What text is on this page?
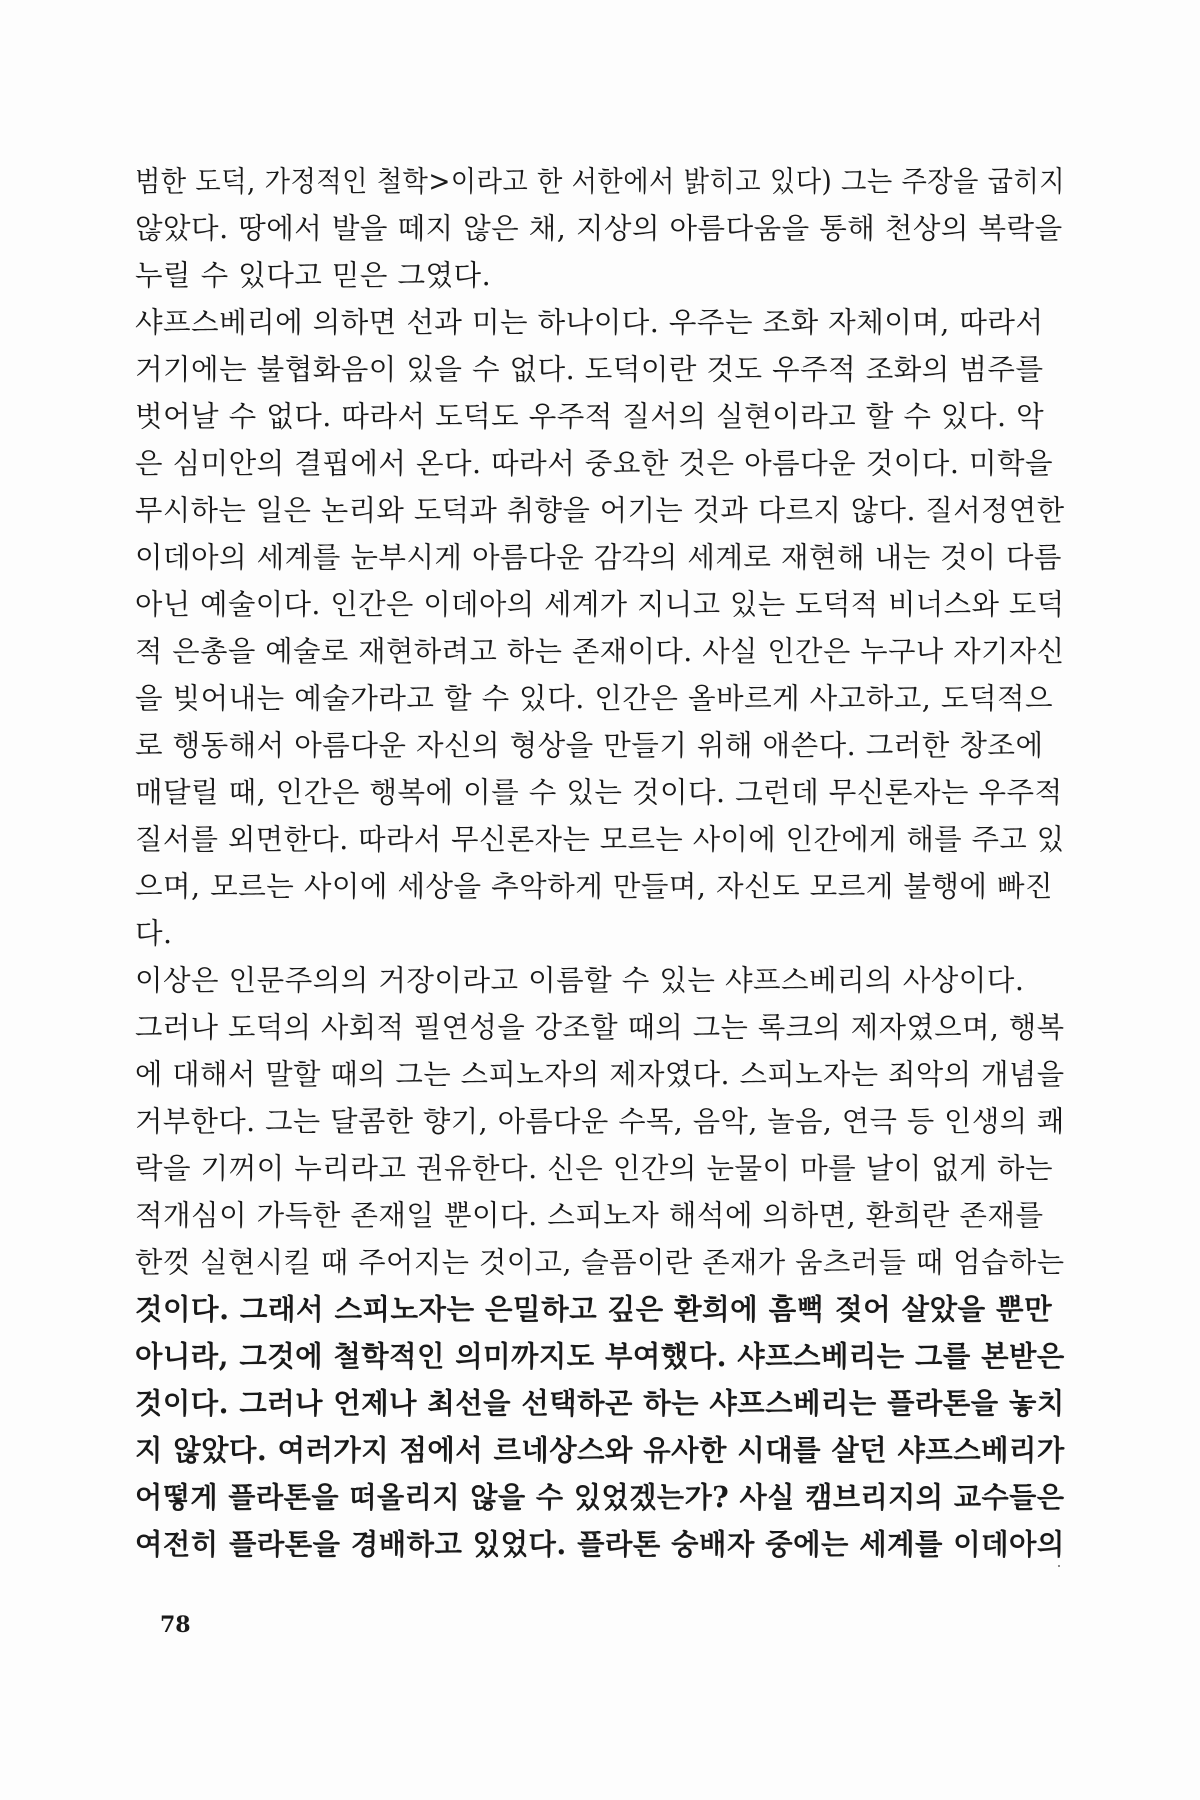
범한 도덕, 가정적인 철학>이라고 한 서한에서 밝히고 있다) 그는 주장을 굽히지
않았다. 땅에서 발을 떼지 않은 채, 지상의 아름다움을 통해 천상의 복락을
누릴 수 있다고 믿은 그였다.
샤프스베리에 의하면 선과 미는 하나이다. 우주는 조화 자체이며, 따라서
거기에는 불협화음이 있을 수 없다. 도덕이란 것도 우주적 조화의 범주를
벗어날 수 없다. 따라서 도덕도 우주적 질서의 실현이라고 할 수 있다. 악
은 심미안의 결핍에서 온다. 따라서 중요한 것은 아름다운 것이다. 미학을
무시하는 일은 논리와 도덕과 취향을 어기는 것과 다르지 않다. 질서정연한
이데아의 세계를 눈부시게 아름다운 감각의 세계로 재현해 내는 것이 다름
아닌 예술이다. 인간은 이데아의 세계가 지니고 있는 도덕적 비너스와 도덕
적 은총을 예술로 재현하려고 하는 존재이다. 사실 인간은 누구나 자기자신
을 빚어내는 예술가라고 할 수 있다. 인간은 올바르게 사고하고, 도덕적으
로 행동해서 아름다운 자신의 형상을 만들기 위해 애쓴다. 그러한 창조에
매달릴 때, 인간은 행복에 이를 수 있는 것이다. 그런데 무신론자는 우주적
질서를 외면한다. 따라서 무신론자는 모르는 사이에 인간에게 해를 주고 있
으며, 모르는 사이에 세상을 추악하게 만들며, 자신도 모르게 불행에 빠진
다.
이상은 인문주의의 거장이라고 이름할 수 있는 샤프스베리의 사상이다.
그러나 도덕의 사회적 필연성을 강조할 때의 그는 록크의 제자였으며, 행복
에 대해서 말할 때의 그는 스피노자의 제자였다. 스피노자는 죄악의 개념을
거부한다. 그는 달콤한 향기, 아름다운 수목, 음악, 놀음, 연극 등 인생의 쾌
락을 기꺼이 누리라고 권유한다. 신은 인간의 눈물이 마를 날이 없게 하는
적개심이 가득한 존재일 뿐이다. 스피노자 해석에 의하면, 환희란 존재를
한껏 실현시킬 때 주어지는 것이고, 슬픔이란 존재가 움츠러들 때 엄습하는
것이다. 그래서 스피노자는 은밀하고 깊은 환희에 흠뻑 젖어 살았을 뿐만
아니라, 그것에 철학적인 의미까지도 부여했다. 샤프스베리는 그를 본받은
것이다. 그러나 언제나 최선을 선택하곤 하는 샤프스베리는 플라톤을 놓치
지 않았다. 여러가지 점에서 르네상스와 유사한 시대를 살던 샤프스베리가
어떻게 플라톤을 떠올리지 않을 수 있었겠는가? 사실 캠브리지의 교수들은
여전히 플라톤을 경배하고 있었다. 플라톤 숭배자 중에는 세계를 이데아의
78
